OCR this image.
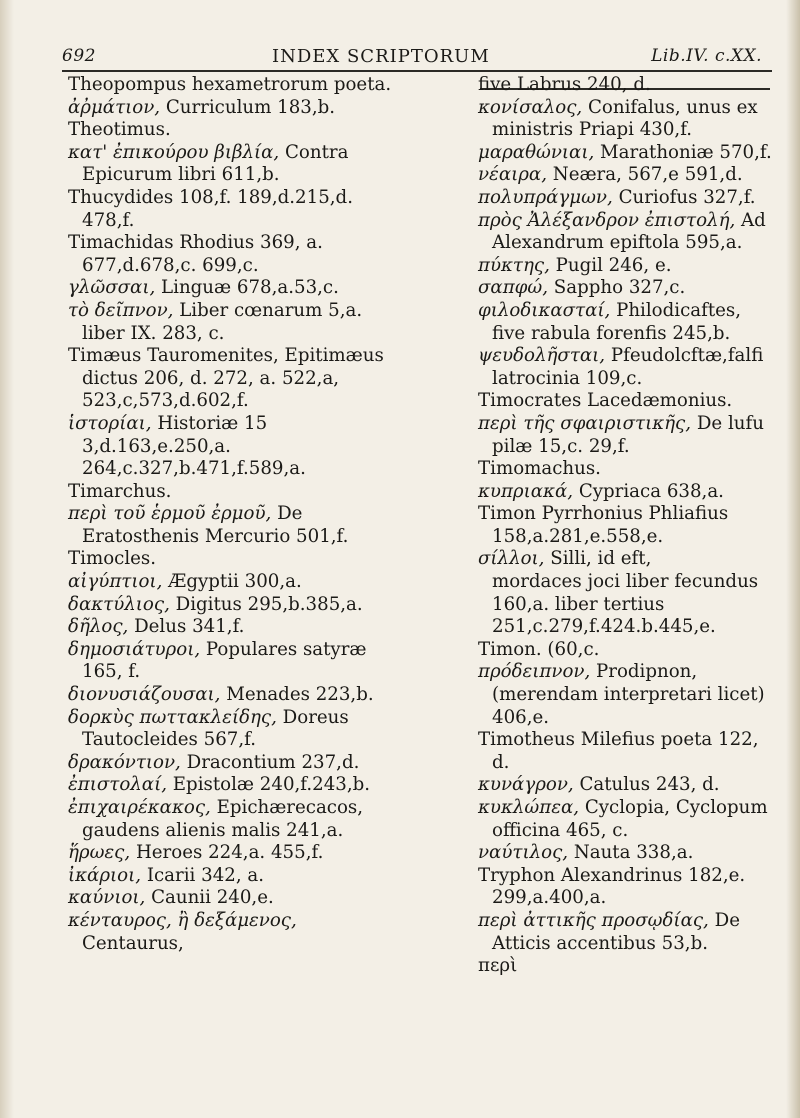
692	INDEX SCRIPTORUM	Lib.IV. c.XX.

Theopompus hexametrorum poeta.

ἀῤμάτιον, Curriculum 183,b.

Theotimus.

κατ' ἐπικούρου βιβλία, Contra
Epicurum libri 611,b.

Thucydides 108,f. 189,d.215,d.
478,f.

Timachidas Rhodius 369, a.
677,d.678,c. 699,c.

γλῶσσαι, Linguæ 678,a.53,c.

τὸ δεῖπνον, Liber cœnarum 5,a.
liber IX. 283, c.

Timæus Tauromenites, Epitimæus
dictus 206, d. 272, a. 522,a,
523,c,573,d.602,f.

ἱστορίαι, Historiæ 15
3,d.163,e.250,a.
264,c.327,b.471,f.589,a.

Timarchus.

περὶ τοῦ ἑρμοῦ ἐρμοῦ, De
Eratosthenis Mercurio 501,f.

Timocles.

αἰγύπτιοι, Ægyptii 300,a.

δακτύλιος, Digitus 295,b.385,a.

δῆλος, Delus 341,f.

δημοσιάτυροι, Populares satyræ
165, f.

διονυσιάζουσαι, Menades 223,b.

δορκὺς πωττακλείδης, Doreus
Tautocleides 567,f.

δρακόντιον, Dracontium 237,d.

ἐπιστολαί, Epistolæ 240,f.243,b.

ἐπιχαιρέκακος, Epichærecacos,
gaudens alienis malis 241,a.

ἥρωες, Heroes 224,a. 455,f.

ἰκάριοι, Icarii 342, a.

καύνιοι, Caunii 240,e.

κένταυρος, ἢ δεξάμενος,
Centaurus,

five Labrus 240, d.

κονίσαλος, Conifalus, unus ex
ministris Priapi 430,f.

μαραθώνιαι, Marathoniæ 570,f.

νέαιρα, Neæra, 567,e 591,d.

πολυπράγμων, Curiofus 327,f.

πρὸς Ἀλέξανδρον ἐπιστολή, Ad
Alexandrum epiftola 595,a.

πύκτης, Pugil 246, e.

σαπφώ, Sappho 327,c.

φιλοδικασταί, Philodicaftes,
five rabula forenfis 245,b.

ψευδολῆσται, Pfeudolcftæ,falfi
latrocinia 109,c.

Timocrates Lacedæmonius.

περὶ τῆς σφαιριστικῆς, De lufu
pilæ 15,c. 29,f.

Timomachus.

κυπριακά, Cypriaca 638,a.

Timon Pyrrhonius Phliafius
158,a.281,e.558,e.

σίλλοι, Silli, id eft,
mordaces joci liber fecundus
160,a. liber tertius
251,c.279,f.424.b.445,e.

Timon. (60,c.

πρόδειπνον, Prodipnon,
(merendam interpretari licet)
406,e.

Timotheus Milefius poeta 122,
d.

κυνάγρον, Catulus 243, d.

κυκλώπεα, Cyclopia, Cyclopum
officina 465, c.

ναύτιλος, Nauta 338,a.

Tryphon Alexandrinus 182,e.
299,a.400,a.

περὶ ἀττικῆς προσῳδίας, De
Atticis accentibus 53,b.

περὶ
